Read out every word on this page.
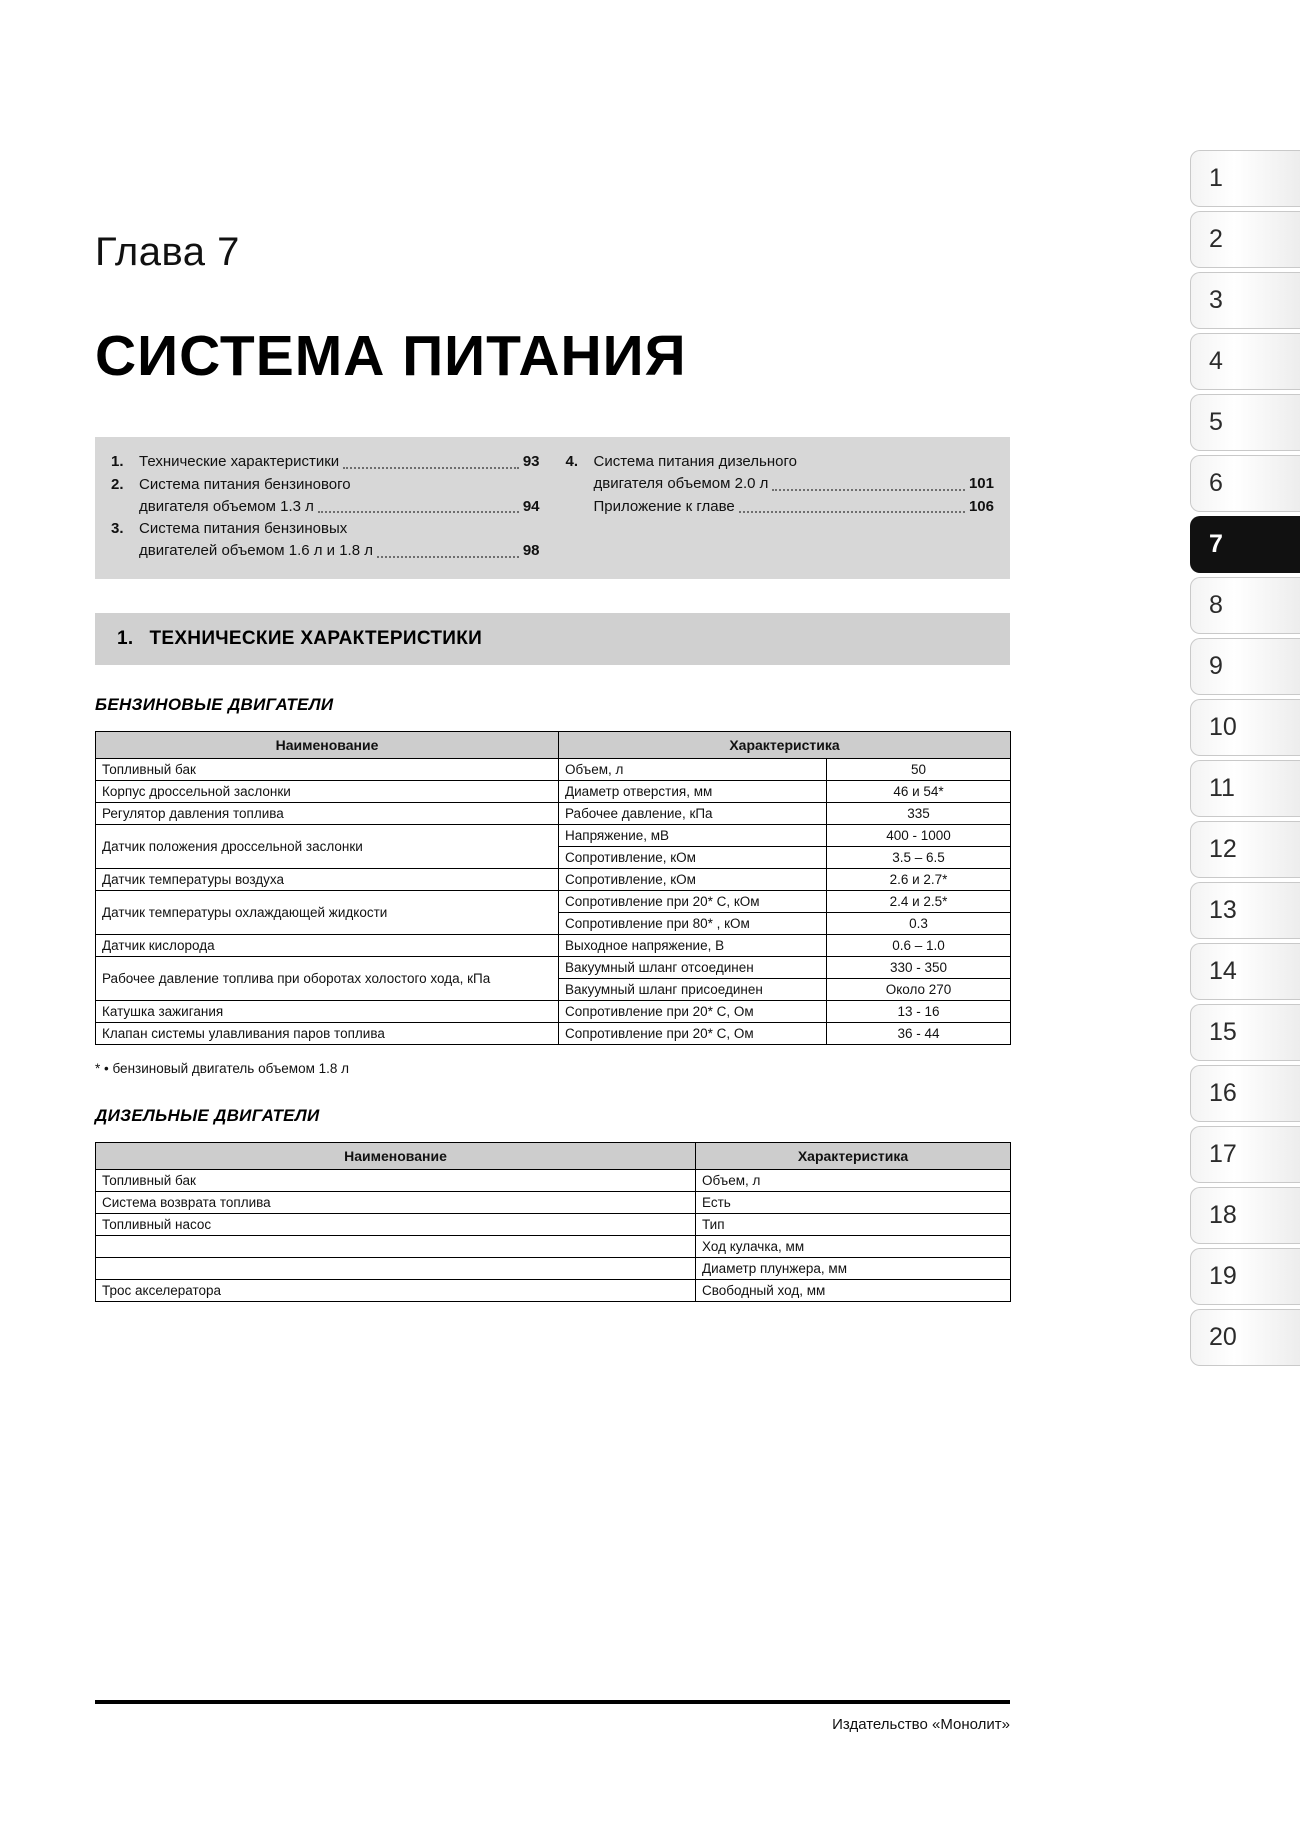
1
2
3
4
5
6
7
8
9
10
11
12
13
14
15
16
17
18
19
20
Глава 7
СИСТЕМА ПИТАНИЯ
1.	Технические характеристики	93
2.	Система питания бензинового
двигателя объемом 1.3 л	94
3.	Система питания бензиновых
двигателей объемом 1.6 л и 1.8 л	98
4.	Система питания дизельного
двигателя объемом 2.0 л	101
Приложение к главе	106
1. ТЕХНИЧЕСКИЕ ХАРАКТЕРИСТИКИ
БЕНЗИНОВЫЕ ДВИГАТЕЛИ
Наименование	Характеристика	
Топливный бак	Объем, л	50
Корпус дроссельной заслонки	Диаметр отверстия, мм	46 и 54*
Регулятор давления топлива	Рабочее давление, кПа	335
Датчик положения дроссельной заслонки	Напряжение, мВ	400 - 1000
	Сопротивление, кОм	3.5 – 6.5
Датчик температуры воздуха	Сопротивление, кОм	2.6 и 2.7*
Датчик температуры охлаждающей жидкости	Сопротивление при 20* С, кОм	2.4 и 2.5*
	Сопротивление при 80* , кОм	0.3
Датчик кислорода	Выходное напряжение, В	0.6 – 1.0
Рабочее давление топлива при оборотах холостого хода, кПа	Вакуумный шланг отсоединен	330 - 350
	Вакуумный шланг присоединен	Около 270
Катушка зажигания	Сопротивление при 20* С, Ом	13 - 16
Клапан системы улавливания паров топлива	Сопротивление при 20* С, Ом	36 - 44
* • бензиновый двигатель объемом 1.8 л
ДИЗЕЛЬНЫЕ ДВИГАТЕЛИ
Наименование	Характеристика
Топливный бак	Объем, л
Система возврата топлива	Есть
Топливный насос	Тип
	Ход кулачка, мм
	Диаметр плунжера, мм
Трос акселератора	Свободный ход, мм
Издательство «Монолит»
